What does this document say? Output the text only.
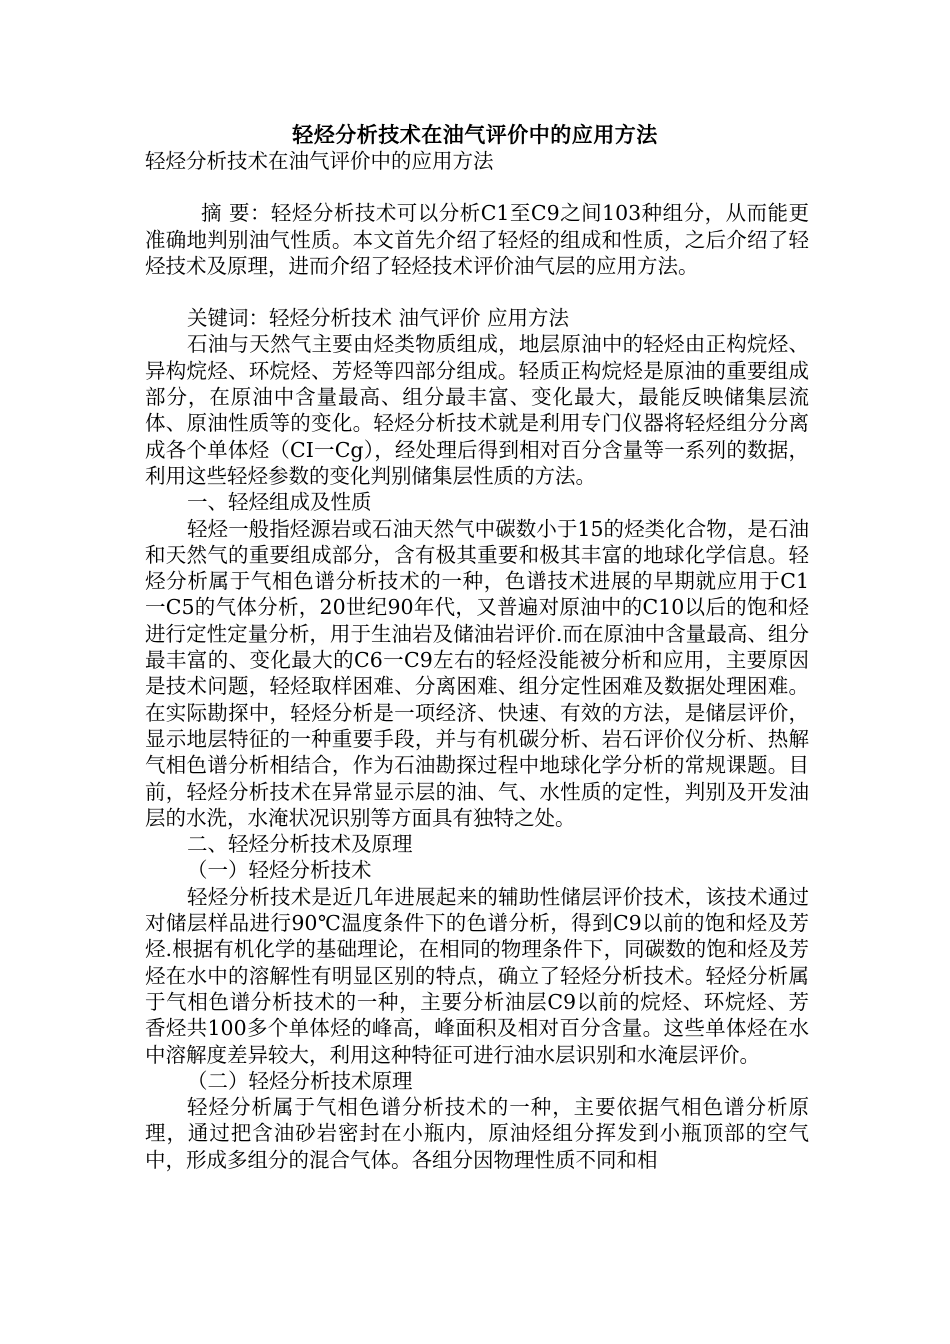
轻烃分析技术在油气评价中的应用方法

轻烃分析技术在油气评价中的应用方法

摘 要：轻烃分析技术可以分析C1至C9之间103种组分，从而能更准确地判别油气性质。本文首先介绍了轻烃的组成和性质，之后介绍了轻烃技术及原理，进而介绍了轻烃技术评价油气层的应用方法。

关键词：轻烃分析技术 油气评价 应用方法

石油与天然气主要由烃类物质组成，地层原油中的轻烃由正构烷烃、异构烷烃、环烷烃、芳烃等四部分组成。轻质正构烷烃是原油的重要组成部分，在原油中含量最高、组分最丰富、变化最大，最能反映储集层流体、原油性质等的变化。轻烃分析技术就是利用专门仪器将轻烃组分分离成各个单体烃（CI一Cg），经处理后得到相对百分含量等一系列的数据，利用这些轻烃参数的变化判别储集层性质的方法。

一、轻烃组成及性质

轻烃一般指烃源岩或石油天然气中碳数小于15的烃类化合物，是石油和天然气的重要组成部分，含有极其重要和极其丰富的地球化学信息。轻烃分析属于气相色谱分析技术的一种，色谱技术进展的早期就应用于C1一C5的气体分析，20世纪90年代，又普遍对原油中的C10以后的饱和烃进行定性定量分析，用于生油岩及储油岩评价.而在原油中含量最高、组分最丰富的、变化最大的C6一C9左右的轻烃没能被分析和应用，主要原因是技术问题，轻烃取样困难、分离困难、组分定性困难及数据处理困难。在实际勘探中，轻烃分析是一项经济、快速、有效的方法，是储层评价，显示地层特征的一种重要手段，并与有机碳分析、岩石评价仪分析、热解气相色谱分析相结合，作为石油勘探过程中地球化学分析的常规课题。目前，轻烃分析技术在异常显示层的油、气、水性质的定性，判别及开发油层的水洗，水淹状况识别等方面具有独特之处。

二、轻烃分析技术及原理

（一）轻烃分析技术

轻烃分析技术是近几年进展起来的辅助性储层评价技术，该技术通过对储层样品进行90℃温度条件下的色谱分析，得到C9以前的饱和烃及芳烃.根据有机化学的基础理论，在相同的物理条件下，同碳数的饱和烃及芳烃在水中的溶解性有明显区别的特点，确立了轻烃分析技术。轻烃分析属于气相色谱分析技术的一种，主要分析油层C9以前的烷烃、环烷烃、芳香烃共100多个单体烃的峰高，峰面积及相对百分含量。这些单体烃在水中溶解度差异较大，利用这种特征可进行油水层识别和水淹层评价。

（二）轻烃分析技术原理

轻烃分析属于气相色谱分析技术的一种，主要依据气相色谱分析原理，通过把含油砂岩密封在小瓶内，原油烃组分挥发到小瓶顶部的空气中，形成多组分的混合气体。各组分因物理性质不同和相
